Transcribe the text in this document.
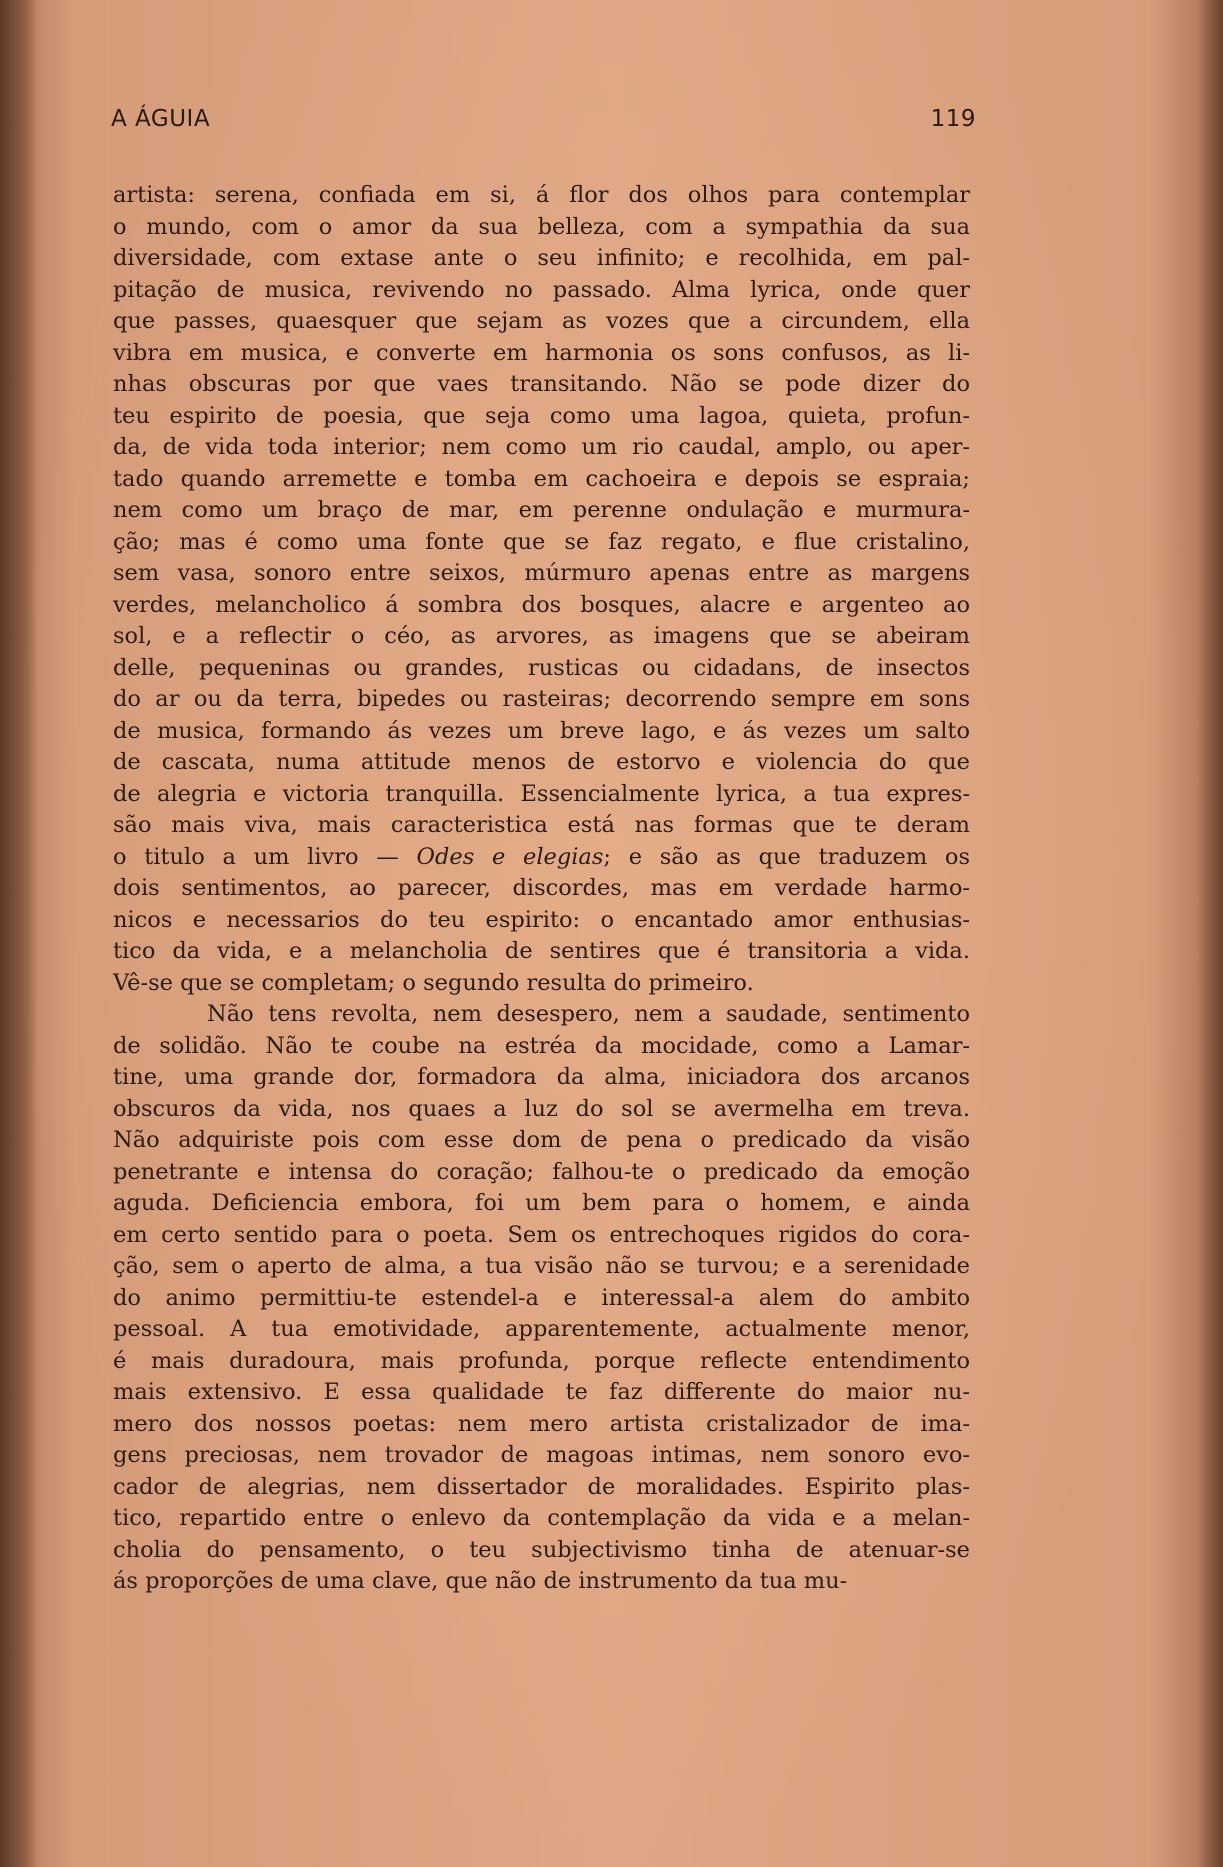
A ÁGUIA	119

artista: serena, confiada em si, á flor dos olhos para contemplar

o mundo, com o amor da sua belleza, com a sympathia da sua

diversidade, com extase ante o seu infinito; e recolhida, em pal-

pitação de musica, revivendo no passado. Alma lyrica, onde quer

que passes, quaesquer que sejam as vozes que a circundem, ella

vibra em musica, e converte em harmonia os sons confusos, as li-

nhas obscuras por que vaes transitando. Não se pode dizer do

teu espirito de poesia, que seja como uma lagoa, quieta, profun-

da, de vida toda interior; nem como um rio caudal, amplo, ou aper-

tado quando arremette e tomba em cachoeira e depois se espraia;

nem como um braço de mar, em perenne ondulação e murmura-

ção; mas é como uma fonte que se faz regato, e flue cristalino,

sem vasa, sonoro entre seixos, múrmuro apenas entre as margens

verdes, melancholico á sombra dos bosques, alacre e argenteo ao

sol, e a reflectir o céo, as arvores, as imagens que se abeiram

delle, pequeninas ou grandes, rusticas ou cidadans, de insectos

do ar ou da terra, bipedes ou rasteiras; decorrendo sempre em sons

de musica, formando ás vezes um breve lago, e ás vezes um salto

de cascata, numa attitude menos de estorvo e violencia do que

de alegria e victoria tranquilla. Essencialmente lyrica, a tua expres-

são mais viva, mais caracteristica está nas formas que te deram

o titulo a um livro — Odes e elegias; e são as que traduzem os

dois sentimentos, ao parecer, discordes, mas em verdade harmo-

nicos e necessarios do teu espirito: o encantado amor enthusias-

tico da vida, e a melancholia de sentires que é transitoria a vida.

Vê-se que se completam; o segundo resulta do primeiro.

Não tens revolta, nem desespero, nem a saudade, sentimento

de solidão. Não te coube na estréa da mocidade, como a Lamar-

tine, uma grande dor, formadora da alma, iniciadora dos arcanos

obscuros da vida, nos quaes a luz do sol se avermelha em treva.

Não adquiriste pois com esse dom de pena o predicado da visão

penetrante e intensa do coração; falhou-te o predicado da emoção

aguda. Deficiencia embora, foi um bem para o homem, e ainda

em certo sentido para o poeta. Sem os entrechoques rigidos do cora-

ção, sem o aperto de alma, a tua visão não se turvou; e a serenidade

do animo permittiu-te estendel-a e interessal-a alem do ambito

pessoal. A tua emotividade, apparentemente, actualmente menor,

é mais duradoura, mais profunda, porque reflecte entendimento

mais extensivo. E essa qualidade te faz differente do maior nu-

mero dos nossos poetas: nem mero artista cristalizador de ima-

gens preciosas, nem trovador de magoas intimas, nem sonoro evo-

cador de alegrias, nem dissertador de moralidades. Espirito plas-

tico, repartido entre o enlevo da contemplação da vida e a melan-

cholia do pensamento, o teu subjectivismo tinha de atenuar-se

ás proporções de uma clave, que não de instrumento da tua mu-
